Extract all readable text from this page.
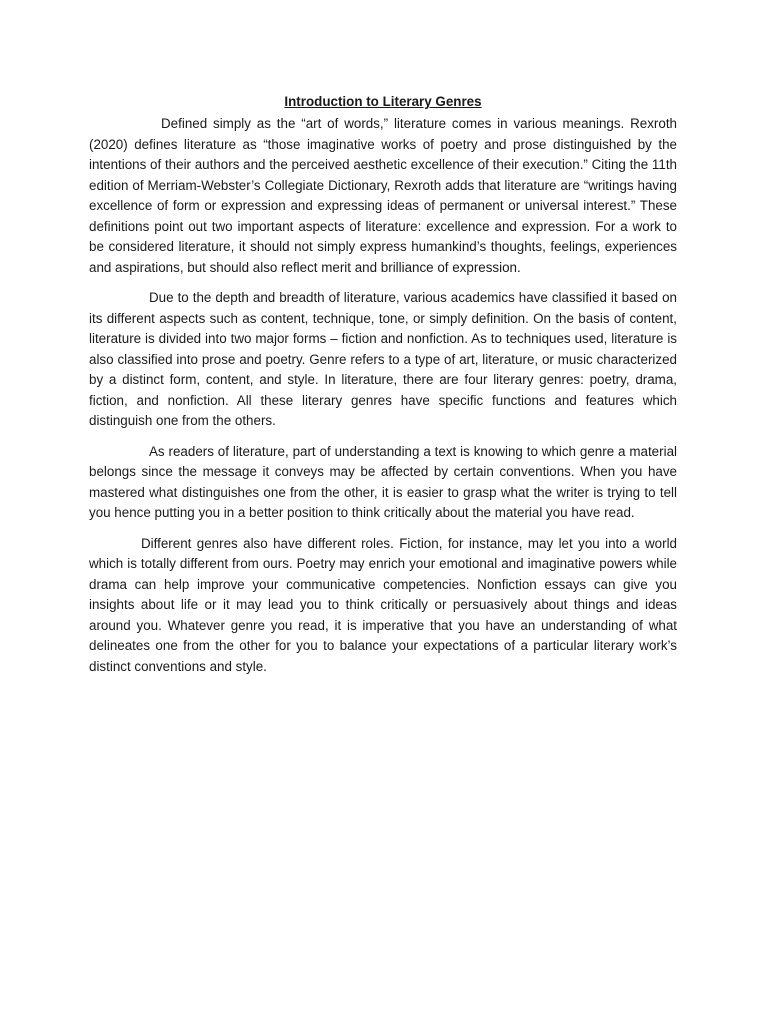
Introduction to Literary Genres

Defined simply as the “art of words,” literature comes in various meanings. Rexroth (2020) defines literature as “those imaginative works of poetry and prose distinguished by the intentions of their authors and the perceived aesthetic excellence of their execution.” Citing the 11th edition of Merriam-Webster’s Collegiate Dictionary, Rexroth adds that literature are “writings having excellence of form or expression and expressing ideas of permanent or universal interest.” These definitions point out two important aspects of literature: excellence and expression. For a work to be considered literature, it should not simply express humankind’s thoughts, feelings, experiences and aspirations, but should also reflect merit and brilliance of expression.

Due to the depth and breadth of literature, various academics have classified it based on its different aspects such as content, technique, tone, or simply definition. On the basis of content, literature is divided into two major forms – fiction and nonfiction. As to techniques used, literature is also classified into prose and poetry. Genre refers to a type of art, literature, or music characterized by a distinct form, content, and style. In literature, there are four literary genres: poetry, drama, fiction, and nonfiction. All these literary genres have specific functions and features which distinguish one from the others.

As readers of literature, part of understanding a text is knowing to which genre a material belongs since the message it conveys may be affected by certain conventions. When you have mastered what distinguishes one from the other, it is easier to grasp what the writer is trying to tell you hence putting you in a better position to think critically about the material you have read.

Different genres also have different roles. Fiction, for instance, may let you into a world which is totally different from ours. Poetry may enrich your emotional and imaginative powers while drama can help improve your communicative competencies. Nonfiction essays can give you insights about life or it may lead you to think critically or persuasively about things and ideas around you. Whatever genre you read, it is imperative that you have an understanding of what delineates one from the other for you to balance your expectations of a particular literary work’s distinct conventions and style.
